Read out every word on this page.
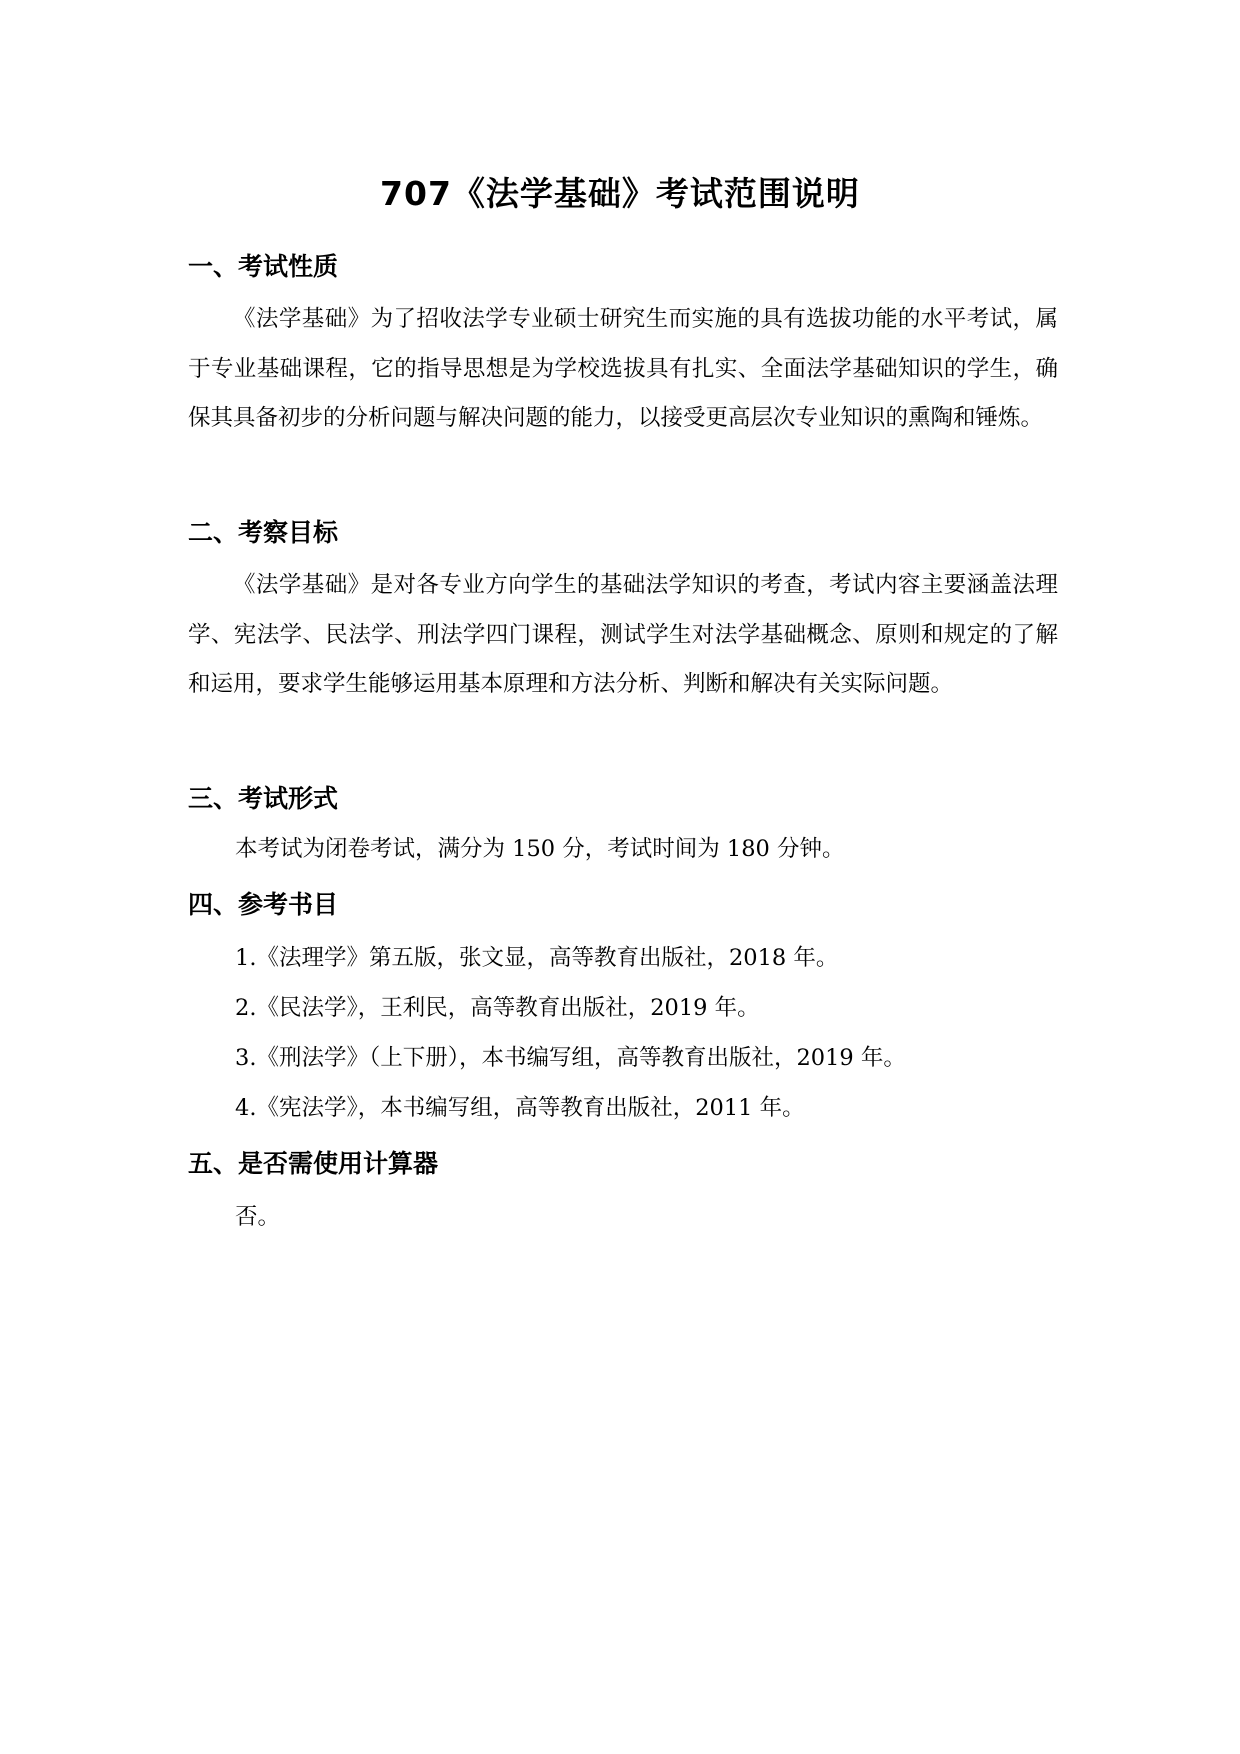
707《法学基础》考试范围说明
一、考试性质
《法学基础》为了招收法学专业硕士研究生而实施的具有选拔功能的水平考试，属于专业基础课程，它的指导思想是为学校选拔具有扎实、全面法学基础知识的学生，确保其具备初步的分析问题与解决问题的能力，以接受更高层次专业知识的熏陶和锤炼。
二、考察目标
《法学基础》是对各专业方向学生的基础法学知识的考查，考试内容主要涵盖法理学、宪法学、民法学、刑法学四门课程，测试学生对法学基础概念、原则和规定的了解和运用，要求学生能够运用基本原理和方法分析、判断和解决有关实际问题。
三、考试形式
本考试为闭卷考试，满分为 150 分，考试时间为 180 分钟。
四、参考书目
1.《法理学》第五版，张文显，高等教育出版社，2018 年。
2.《民法学》，王利民，高等教育出版社，2019 年。
3.《刑法学》（上下册），本书编写组，高等教育出版社，2019 年。
4.《宪法学》，本书编写组，高等教育出版社，2011 年。
五、是否需使用计算器
否。
